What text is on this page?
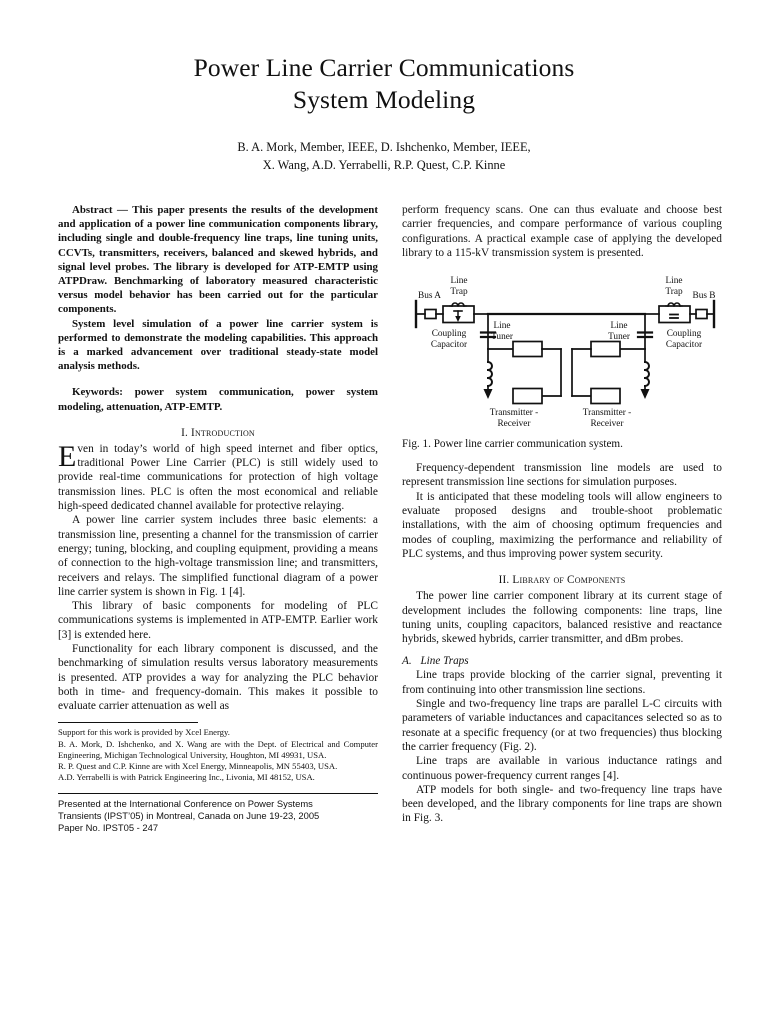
Power Line Carrier Communications
System Modeling
B. A. Mork, Member, IEEE, D. Ishchenko, Member, IEEE,
X. Wang, A.D. Yerrabelli, R.P. Quest, C.P. Kinne

Abstract — This paper presents the results of the development and application of a power line communication components library, including single and double-frequency line traps, line tuning units, CCVTs, transmitters, receivers, balanced and skewed hybrids, and signal level probes. The library is developed for ATP-EMTP using ATPDraw. Benchmarking of laboratory measured characteristic versus model behavior has been carried out for the particular components.

System level simulation of a power line carrier system is performed to demonstrate the modeling capabilities. This approach is a marked advancement over traditional steady-state model analysis methods.

Keywords: power system communication, power system modeling, attenuation, ATP-EMTP.
I. Introduction

Even in today’s world of high speed internet and fiber optics, traditional Power Line Carrier (PLC) is still widely used to provide real-time communications for protection of high voltage transmission lines. PLC is often the most economical and reliable high-speed dedicated channel available for protective relaying.

A power line carrier system includes three basic elements: a transmission line, presenting a channel for the transmission of carrier energy; tuning, blocking, and coupling equipment, providing a means of connection to the high-voltage transmission line; and transmitters, receivers and relays. The simplified functional diagram of a power line carrier system is shown in Fig. 1 [4].

This library of basic components for modeling of PLC communications systems is implemented in ATP-EMTP. Earlier work [3] is extended here.

Functionality for each library component is discussed, and the benchmarking of simulation results versus laboratory measurements is presented. ATP provides a way for analyzing the PLC behavior both in time- and frequency-domain. This makes it possible to evaluate carrier attenuation as well as

Support for this work is provided by Xcel Energy.
B. A. Mork, D. Ishchenko, and X. Wang are with the Dept. of Electrical and Computer Engineering, Michigan Technological University, Houghton, MI 49931, USA.
R. P. Quest and C.P. Kinne are with Xcel Energy, Minneapolis, MN 55403, USA.
A.D. Yerrabelli is with Patrick Engineering Inc., Livonia, MI 48152, USA.
Presented at the International Conference on Power Systems
Transients (IPST’05) in Montreal, Canada on June 19-23, 2005
Paper No. IPST05 - 247

perform frequency scans. One can thus evaluate and choose best carrier frequencies, and compare performance of various coupling configurations. A practical example case of applying the developed library to a 115-kV transmission system is presented.

Bus A	Bus B
Line
Trap
Line
Trap
Coupling
Capacitor
Coupling
Capacitor
Line
Tuner
Line
Tuner
Transmitter -
Receiver
Transmitter -
Receiver
Fig. 1. Power line carrier communication system.

Frequency-dependent transmission line models are used to represent transmission line sections for simulation purposes.

It is anticipated that these modeling tools will allow engineers to evaluate proposed designs and trouble-shoot problematic installations, with the aim of choosing optimum frequencies and modes of coupling, maximizing the performance and reliability of PLC systems, and thus improving power system security.

II. Library of Components

The power line carrier component library at its current stage of development includes the following components: line traps, line tuning units, coupling capacitors, balanced resistive and reactance hybrids, skewed hybrids, carrier transmitter, and dBm probes.

A. Line Traps

Line traps provide blocking of the carrier signal, preventing it from continuing into other transmission line sections.

Single and two-frequency line traps are parallel L-C circuits with parameters of variable inductances and capacitances selected so as to resonate at a specific frequency (or at two frequencies) thus blocking the carrier frequency (Fig. 2).

Line traps are available in various inductance ratings and continuous power-frequency current ranges [4].

ATP models for both single- and two-frequency line traps have been developed, and the library components for line traps are shown in Fig. 3.
